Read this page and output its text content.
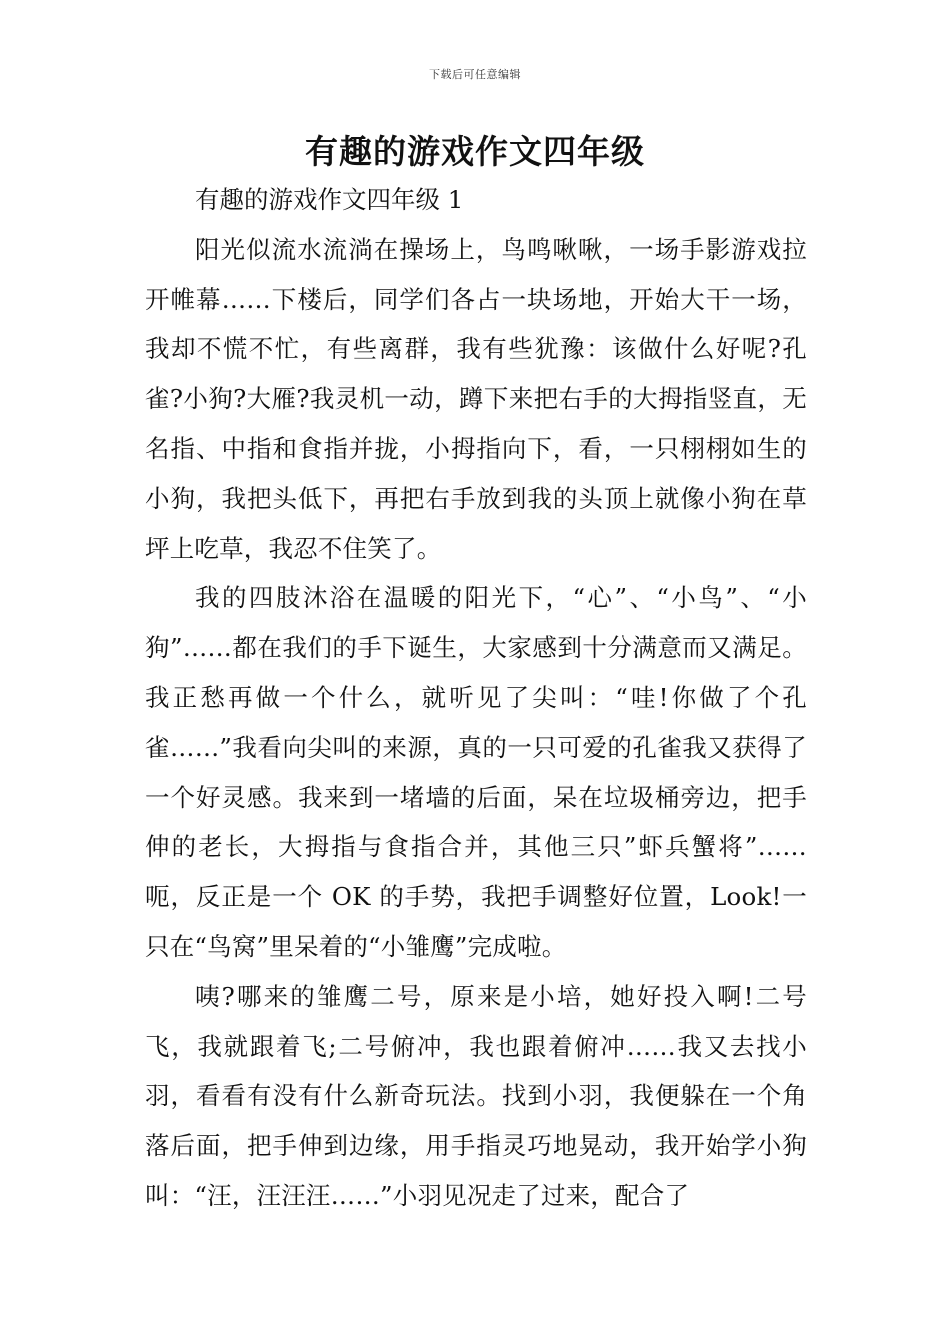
下载后可任意编辑
有趣的游戏作文四年级

有趣的游戏作文四年级 1

阳光似流水流淌在操场上，鸟鸣啾啾，一场手影游戏拉开帷幕……下楼后，同学们各占一块场地，开始大干一场，我却不慌不忙，有些离群，我有些犹豫：该做什么好呢?孔雀?小狗?大雁?我灵机一动，蹲下来把右手的大拇指竖直，无名指、中指和食指并拢，小拇指向下，看，一只栩栩如生的小狗，我把头低下，再把右手放到我的头顶上就像小狗在草坪上吃草，我忍不住笑了。

我的四肢沐浴在温暖的阳光下，“心”、“小鸟”、“小狗”……都在我们的手下诞生，大家感到十分满意而又满足。我正愁再做一个什么，就听见了尖叫：“哇!你做了个孔雀……”我看向尖叫的来源，真的一只可爱的孔雀我又获得了一个好灵感。我来到一堵墙的后面，呆在垃圾桶旁边，把手伸的老长，大拇指与食指合并，其他三只”虾兵蟹将”……呃，反正是一个 OK 的手势，我把手调整好位置，Look!一只在“鸟窝”里呆着的“小雏鹰”完成啦。

咦?哪来的雏鹰二号，原来是小培，她好投入啊!二号飞，我就跟着飞;二号俯冲，我也跟着俯冲……我又去找小羽，看看有没有什么新奇玩法。找到小羽，我便躲在一个角落后面，把手伸到边缘，用手指灵巧地晃动，我开始学小狗叫：“汪，汪汪汪……”小羽见况走了过来，配合了
